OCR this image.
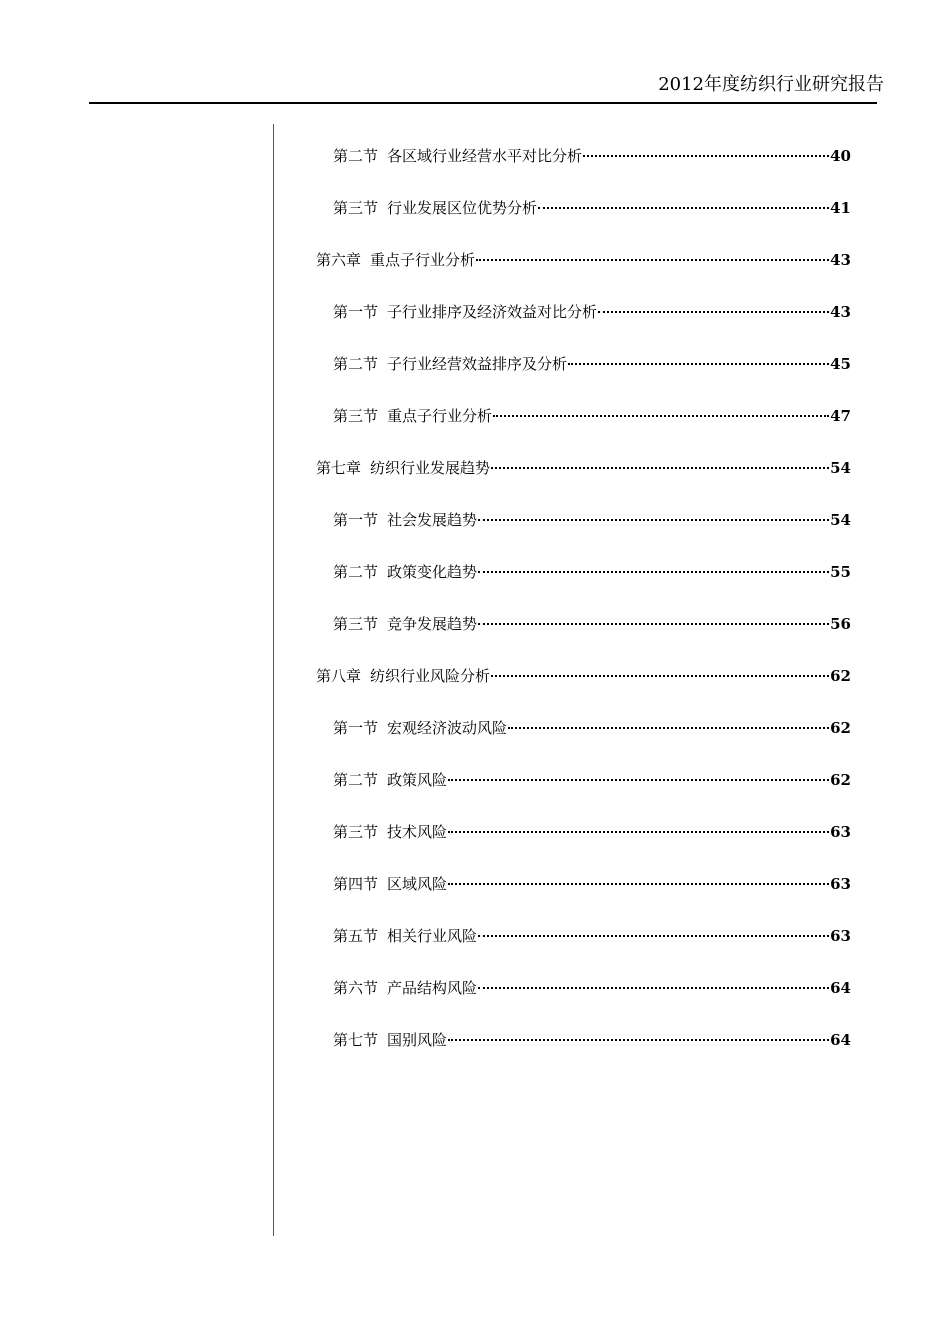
2012年度纺织行业研究报告
第二节 各区域行业经营水平对比分析	40
第三节 行业发展区位优势分析	41
第六章 重点子行业分析	43
第一节 子行业排序及经济效益对比分析	43
第二节 子行业经营效益排序及分析	45
第三节 重点子行业分析	47
第七章 纺织行业发展趋势	54
第一节 社会发展趋势	54
第二节 政策变化趋势	55
第三节 竞争发展趋势	56
第八章 纺织行业风险分析	62
第一节 宏观经济波动风险	62
第二节 政策风险	62
第三节 技术风险	63
第四节 区域风险	63
第五节 相关行业风险	63
第六节 产品结构风险	64
第七节 国别风险	64
